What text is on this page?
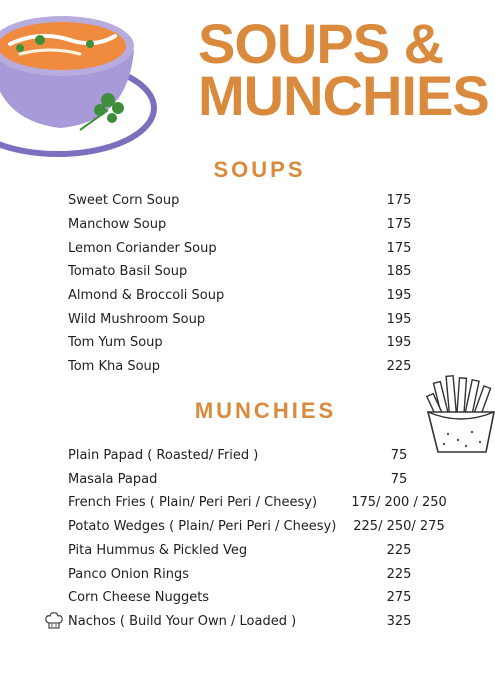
SOUPS &
MUNCHIES
SOUPS
Sweet Corn Soup	175
Manchow Soup	175
Lemon Coriander Soup	175
Tomato Basil Soup	185
Almond & Broccoli Soup	195
Wild Mushroom Soup	195
Tom Yum Soup	195
Tom Kha Soup	225
MUNCHIES
Plain Papad ( Roasted/ Fried )	75
Masala Papad	75
French Fries ( Plain/ Peri Peri / Cheesy)	175/ 200 / 250
Potato Wedges ( Plain/ Peri Peri / Cheesy)	225/ 250/ 275
Pita Hummus & Pickled Veg	225
Panco Onion Rings	225
Corn Cheese Nuggets	275
Nachos ( Build Your Own / Loaded )	325
